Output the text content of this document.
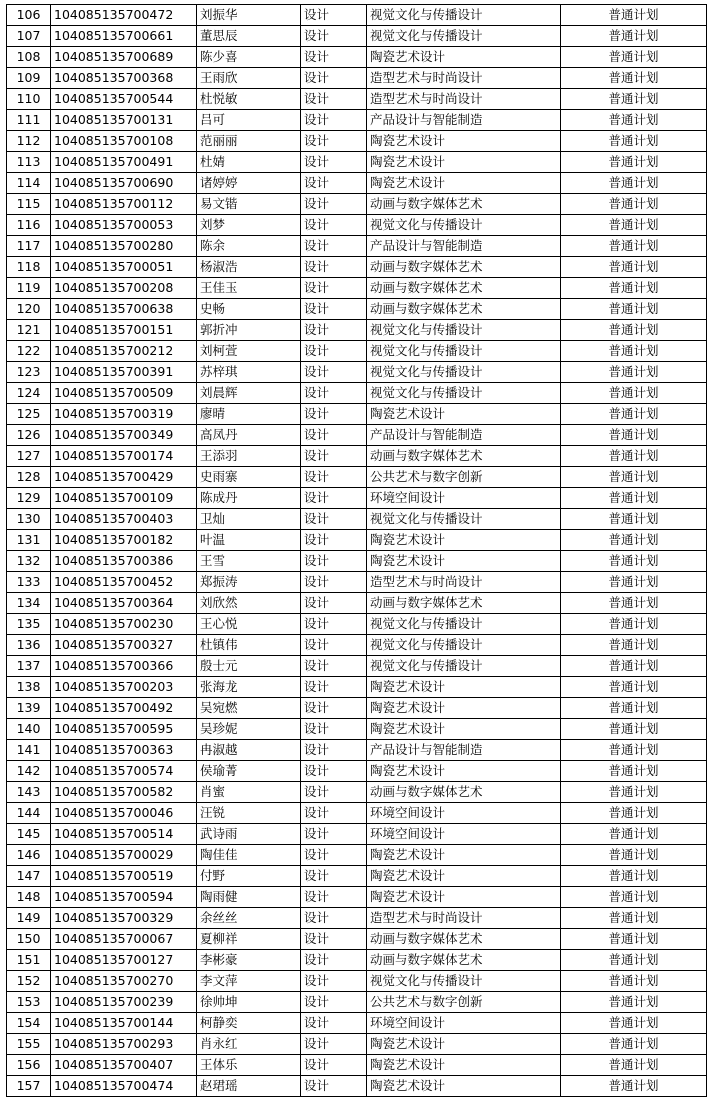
106	104085135700472	刘振华	设计	视觉文化与传播设计	普通计划
107	104085135700661	董思辰	设计	视觉文化与传播设计	普通计划
108	104085135700689	陈少喜	设计	陶瓷艺术设计	普通计划
109	104085135700368	王雨欣	设计	造型艺术与时尚设计	普通计划
110	104085135700544	杜悦敏	设计	造型艺术与时尚设计	普通计划
111	104085135700131	吕可	设计	产品设计与智能制造	普通计划
112	104085135700108	范丽丽	设计	陶瓷艺术设计	普通计划
113	104085135700491	杜婧	设计	陶瓷艺术设计	普通计划
114	104085135700690	诸婷婷	设计	陶瓷艺术设计	普通计划
115	104085135700112	易文锴	设计	动画与数字媒体艺术	普通计划
116	104085135700053	刘梦	设计	视觉文化与传播设计	普通计划
117	104085135700280	陈余	设计	产品设计与智能制造	普通计划
118	104085135700051	杨淑浩	设计	动画与数字媒体艺术	普通计划
119	104085135700208	王佳玉	设计	动画与数字媒体艺术	普通计划
120	104085135700638	史畅	设计	动画与数字媒体艺术	普通计划
121	104085135700151	郭折冲	设计	视觉文化与传播设计	普通计划
122	104085135700212	刘柯萱	设计	视觉文化与传播设计	普通计划
123	104085135700391	苏梓琪	设计	视觉文化与传播设计	普通计划
124	104085135700509	刘晨辉	设计	视觉文化与传播设计	普通计划
125	104085135700319	廖晴	设计	陶瓷艺术设计	普通计划
126	104085135700349	高凤丹	设计	产品设计与智能制造	普通计划
127	104085135700174	王添羽	设计	动画与数字媒体艺术	普通计划
128	104085135700429	史雨寨	设计	公共艺术与数字创新	普通计划
129	104085135700109	陈成丹	设计	环境空间设计	普通计划
130	104085135700403	卫灿	设计	视觉文化与传播设计	普通计划
131	104085135700182	叶温	设计	陶瓷艺术设计	普通计划
132	104085135700386	王雪	设计	陶瓷艺术设计	普通计划
133	104085135700452	郑振涛	设计	造型艺术与时尚设计	普通计划
134	104085135700364	刘欣然	设计	动画与数字媒体艺术	普通计划
135	104085135700230	王心悦	设计	视觉文化与传播设计	普通计划
136	104085135700327	杜镇伟	设计	视觉文化与传播设计	普通计划
137	104085135700366	殷士元	设计	视觉文化与传播设计	普通计划
138	104085135700203	张海龙	设计	陶瓷艺术设计	普通计划
139	104085135700492	吴宛燃	设计	陶瓷艺术设计	普通计划
140	104085135700595	吴珍妮	设计	陶瓷艺术设计	普通计划
141	104085135700363	冉淑越	设计	产品设计与智能制造	普通计划
142	104085135700574	侯瑜菁	设计	陶瓷艺术设计	普通计划
143	104085135700582	肖蜜	设计	动画与数字媒体艺术	普通计划
144	104085135700046	汪锐	设计	环境空间设计	普通计划
145	104085135700514	武诗雨	设计	环境空间设计	普通计划
146	104085135700029	陶佳佳	设计	陶瓷艺术设计	普通计划
147	104085135700519	付野	设计	陶瓷艺术设计	普通计划
148	104085135700594	陶雨健	设计	陶瓷艺术设计	普通计划
149	104085135700329	余丝丝	设计	造型艺术与时尚设计	普通计划
150	104085135700067	夏柳祥	设计	动画与数字媒体艺术	普通计划
151	104085135700127	李彬豪	设计	动画与数字媒体艺术	普通计划
152	104085135700270	李文萍	设计	视觉文化与传播设计	普通计划
153	104085135700239	徐帅坤	设计	公共艺术与数字创新	普通计划
154	104085135700144	柯静奕	设计	环境空间设计	普通计划
155	104085135700293	肖永红	设计	陶瓷艺术设计	普通计划
156	104085135700407	王体乐	设计	陶瓷艺术设计	普通计划
157	104085135700474	赵珺瑶	设计	陶瓷艺术设计	普通计划
